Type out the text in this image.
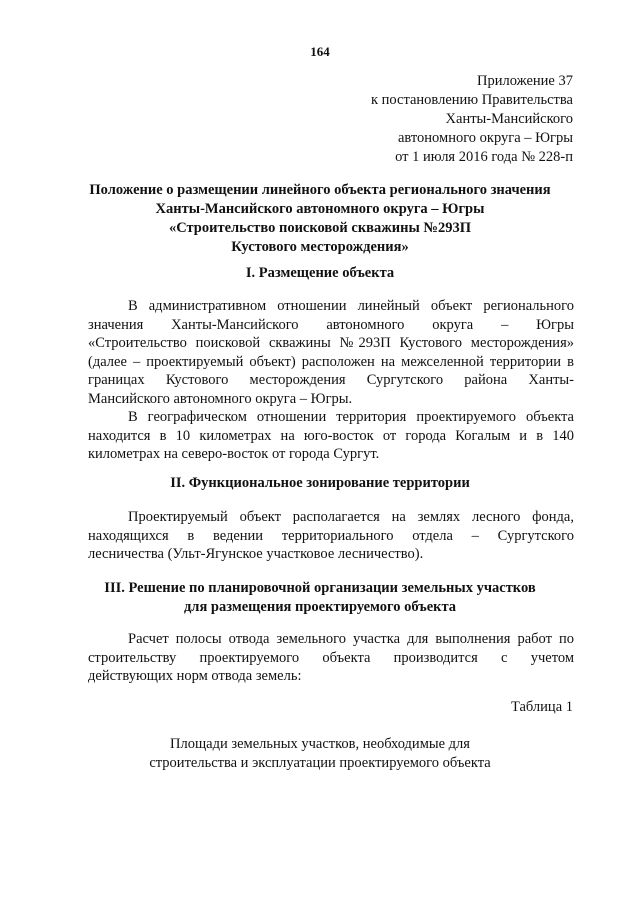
164
Приложение 37
к постановлению Правительства
Ханты-Мансийского
автономного округа – Югры
от 1 июля 2016 года № 228-п
Положение о размещении линейного объекта регионального значения
Ханты-Мансийского автономного округа – Югры
«Строительство поисковой скважины №293П
Кустового месторождения»
I. Размещение объекта
В административном отношении линейный объект регионального
значения Ханты-Мансийского автономного округа – Югры
«Строительство поисковой скважины №293П Кустового месторождения»
(далее – проектируемый объект) расположен на межселенной территории в
границах Кустового месторождения Сургутского района Ханты-
Мансийского автономного округа – Югры.
В географическом отношении территория проектируемого объекта
находится в 10 километрах на юго-восток от города Когалым и в 140
километрах на северо-восток от города Сургут.
II. Функциональное зонирование территории
Проектируемый объект располагается на землях лесного фонда,
находящихся в ведении территориального отдела – Сургутского
лесничества (Ульт-Ягунское участковое лесничество).
III. Решение по планировочной организации земельных участков
для размещения проектируемого объекта
Расчет полосы отвода земельного участка для выполнения работ по
строительству проектируемого объекта производится с учетом
действующих норм отвода земель:
Таблица 1
Площади земельных участков, необходимые для
строительства и эксплуатации проектируемого объекта
